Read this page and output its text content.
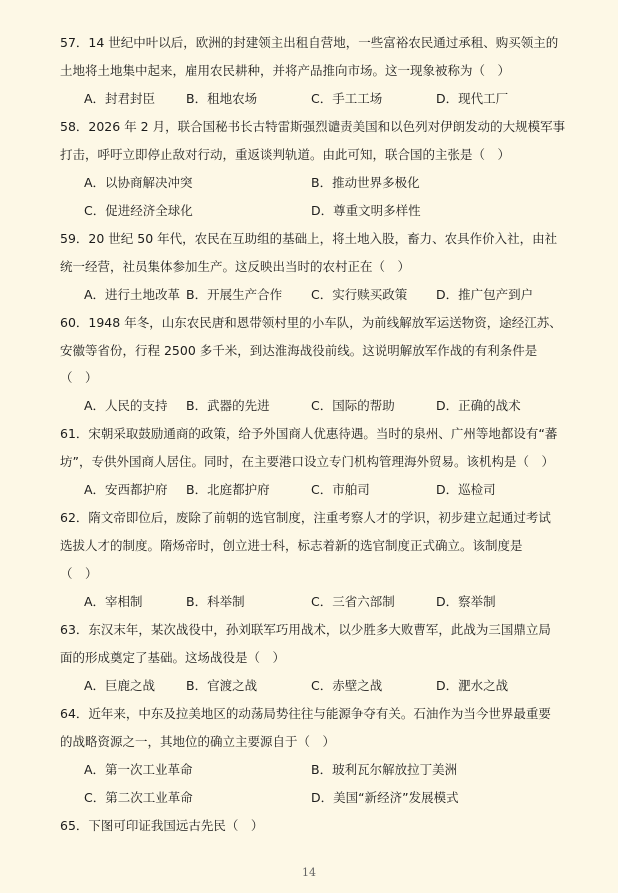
57．14 世纪中叶以后，欧洲的封建领主出租自营地，一些富裕农民通过承租、购买领主的
土地将土地集中起来，雇用农民耕种，并将产品推向市场。这一现象被称为（　）
A．封君封臣 B．租地农场	C．手工工场	D．现代工厂
58．2026 年 2 月，联合国秘书长古特雷斯强烈谴责美国和以色列对伊朗发动的大规模军事
打击，呼吁立即停止敌对行动，重返谈判轨道。由此可知，联合国的主张是（　）
A．以协商解决冲突	B．推动世界多极化
C．促进经济全球化	D．尊重文明多样性
59．20 世纪 50 年代，农民在互助组的基础上，将土地入股，畜力、农具作价入社，由社
统一经营，社员集体参加生产。这反映出当时的农村正在（　）
A．进行土地改革 B．开展生产合作 C．实行赎买政策 D．推广包产到户
60．1948 年冬，山东农民唐和恩带领村里的小车队，为前线解放军运送物资，途经江苏、
安徽等省份，行程 2500 多千米，到达淮海战役前线。这说明解放军作战的有利条件是
（　）
A．人民的支持 B．武器的先进	C．国际的帮助	D．正确的战术
61．宋朝采取鼓励通商的政策，给予外国商人优惠待遇。当时的泉州、广州等地都设有“蕃
坊”，专供外国商人居住。同时，在主要港口设立专门机构管理海外贸易。该机构是（　）
A．安西都护府 B．北庭都护府	C．市舶司	D．巡检司
62．隋文帝即位后，废除了前朝的选官制度，注重考察人才的学识，初步建立起通过考试
选拔人才的制度。隋炀帝时，创立进士科，标志着新的选官制度正式确立。该制度是
（　）
A．宰相制	B．科举制	C．三省六部制	D．察举制
63．东汉末年，某次战役中，孙刘联军巧用战术，以少胜多大败曹军，此战为三国鼎立局
面的形成奠定了基础。这场战役是（　）
A．巨鹿之战 B．官渡之战	C．赤壁之战	D．淝水之战
64．近年来，中东及拉美地区的动荡局势往往与能源争夺有关。石油作为当今世界最重要
的战略资源之一，其地位的确立主要源自于（　）
A．第一次工业革命	B．玻利瓦尔解放拉丁美洲
C．第二次工业革命	D．美国“新经济”发展模式
65．下图可印证我国远古先民（　）
14
